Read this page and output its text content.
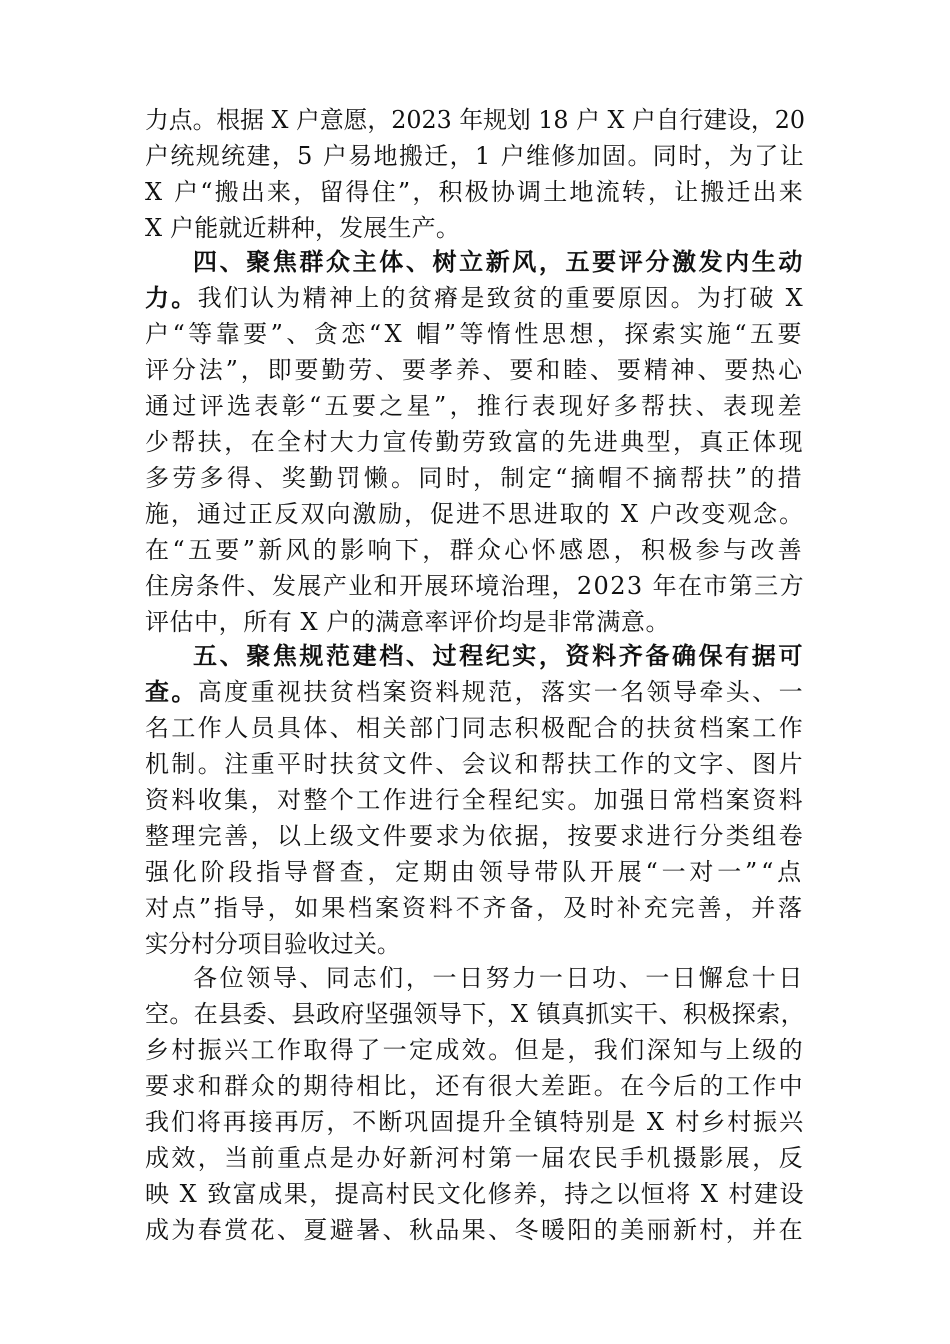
力点。根据 X 户意愿，2023 年规划 18 户 X 户自行建设，20
户统规统建，5 户易地搬迁，1 户维修加固。同时，为了让
X 户“搬出来，留得住”，积极协调土地流转，让搬迁出来
X 户能就近耕种，发展生产。
四、聚焦群众主体、树立新风，五要评分激发内生动
力。我们认为精神上的贫瘠是致贫的重要原因。为打破 X
户“等靠要”、贪恋“X 帽”等惰性思想，探索实施“五要
评分法”，即要勤劳、要孝养、要和睦、要精神、要热心
通过评选表彰“五要之星”，推行表现好多帮扶、表现差
少帮扶，在全村大力宣传勤劳致富的先进典型，真正体现
多劳多得、奖勤罚懒。同时，制定“摘帽不摘帮扶”的措
施，通过正反双向激励，促进不思进取的 X 户改变观念。
在“五要”新风的影响下，群众心怀感恩，积极参与改善
住房条件、发展产业和开展环境治理，2023 年在市第三方
评估中，所有 X 户的满意率评价均是非常满意。
五、聚焦规范建档、过程纪实，资料齐备确保有据可
查。高度重视扶贫档案资料规范，落实一名领导牵头、一
名工作人员具体、相关部门同志积极配合的扶贫档案工作
机制。注重平时扶贫文件、会议和帮扶工作的文字、图片
资料收集，对整个工作进行全程纪实。加强日常档案资料
整理完善，以上级文件要求为依据，按要求进行分类组卷
强化阶段指导督查，定期由领导带队开展“一对一”“点
对点”指导，如果档案资料不齐备，及时补充完善，并落
实分村分项目验收过关。
各位领导、同志们，一日努力一日功、一日懈怠十日
空。在县委、县政府坚强领导下，X 镇真抓实干、积极探索，
乡村振兴工作取得了一定成效。但是，我们深知与上级的
要求和群众的期待相比，还有很大差距。在今后的工作中
我们将再接再厉，不断巩固提升全镇特别是 X 村乡村振兴
成效，当前重点是办好新河村第一届农民手机摄影展，反
映 X 致富成果，提高村民文化修养，持之以恒将 X 村建设
成为春赏花、夏避暑、秋品果、冬暖阳的美丽新村，并在
